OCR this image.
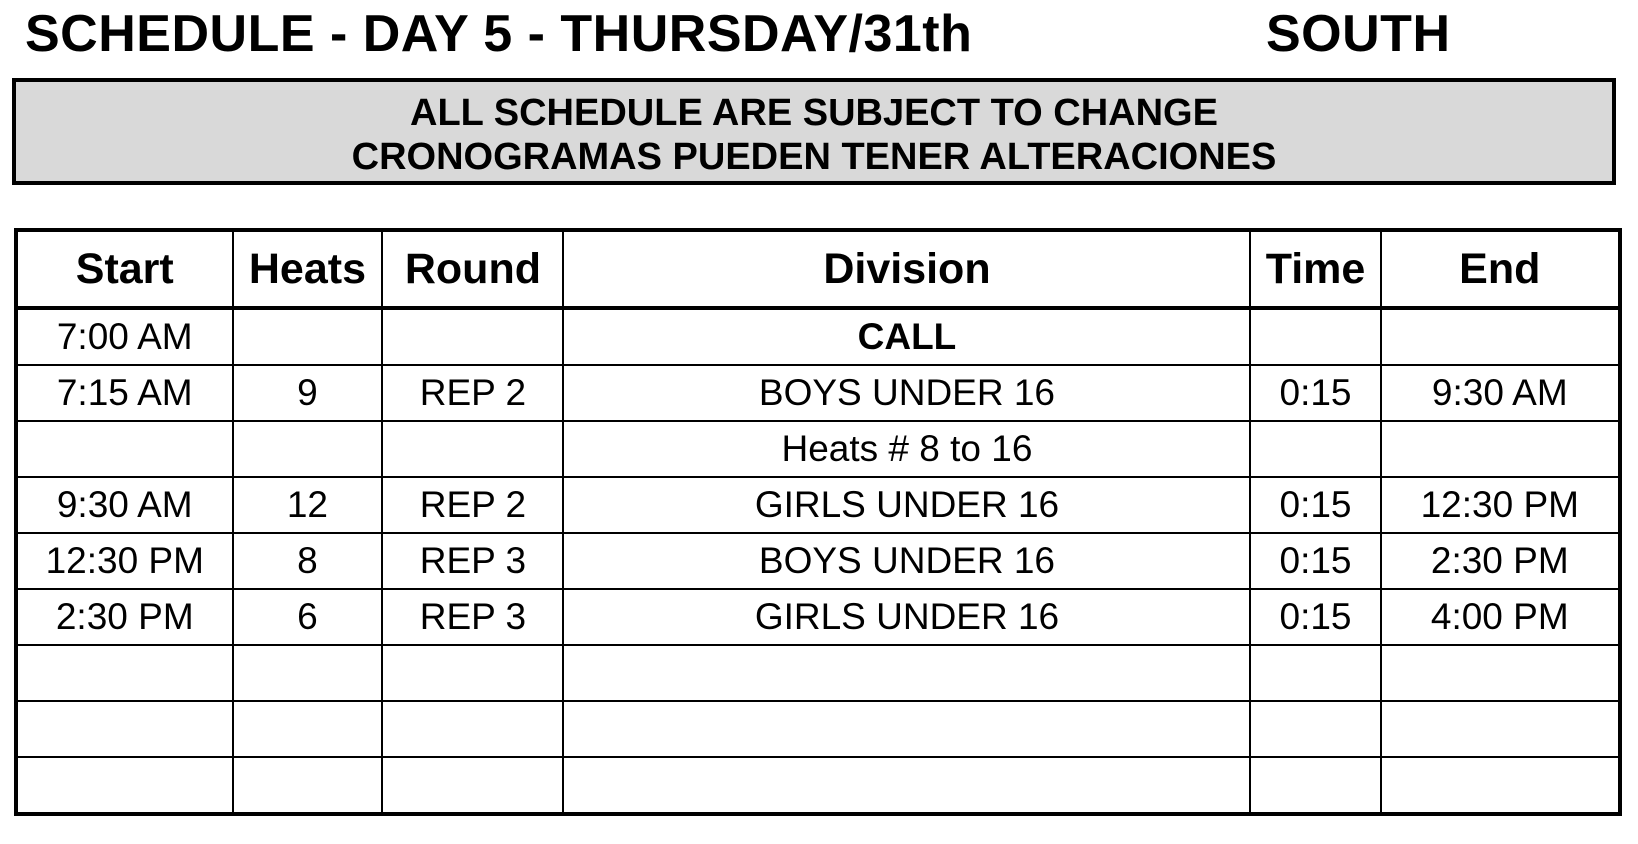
SCHEDULE - DAY 5 - THURSDAY/31th	SOUTH
ALL SCHEDULE ARE SUBJECT TO CHANGE
CRONOGRAMAS PUEDEN TENER ALTERACIONES
Start	Heats	Round	Division	Time	End
7:00 AM			CALL		
7:15 AM	9	REP 2	BOYS UNDER 16	0:15	9:30 AM
			Heats # 8 to 16		
9:30 AM	12	REP 2	GIRLS UNDER 16	0:15	12:30 PM
12:30 PM	8	REP 3	BOYS UNDER 16	0:15	2:30 PM
2:30 PM	6	REP 3	GIRLS UNDER 16	0:15	4:00 PM
